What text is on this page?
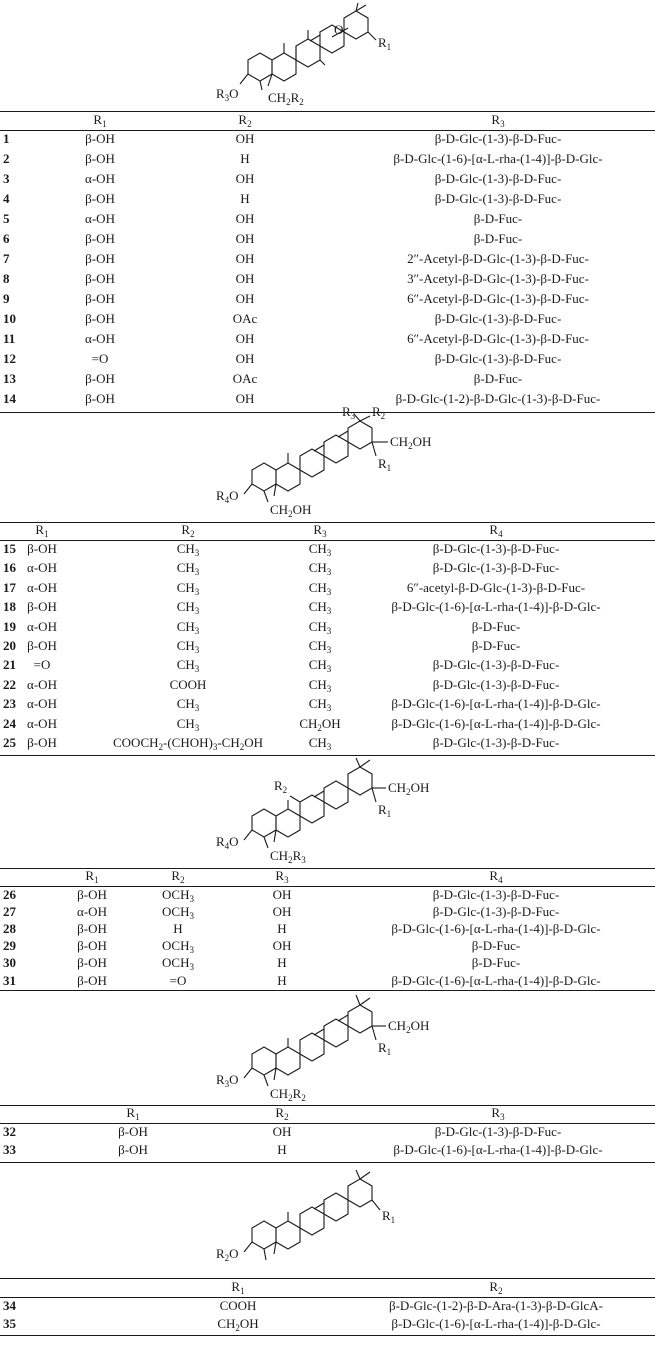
O
$R_1$
$R_3O$ $CH_2R_2$
$R_1$	$R_2$	$R_3$
1	β-OH	OH	β-D-Glc-(1-3)-β-D-Fuc-
2	β-OH	H	β-D-Glc-(1-6)-[α-L-rha-(1-4)]-β-D-Glc-
3	α-OH	OH	β-D-Glc-(1-3)-β-D-Fuc-
4	β-OH	H	β-D-Glc-(1-3)-β-D-Fuc-
5	α-OH	OH	β-D-Fuc-
6	β-OH	OH	β-D-Fuc-
7	β-OH	OH	2″-Acetyl-β-D-Glc-(1-3)-β-D-Fuc-
8	β-OH	OH	3″-Acetyl-β-D-Glc-(1-3)-β-D-Fuc-
9	β-OH	OH	6″-Acetyl-β-D-Glc-(1-3)-β-D-Fuc-
10	β-OH	OAc	β-D-Glc-(1-3)-β-D-Fuc-
11	α-OH	OH	6″-Acetyl-β-D-Glc-(1-3)-β-D-Fuc-
12	=O	OH	β-D-Glc-(1-3)-β-D-Fuc-
13	β-OH	OAc	β-D-Fuc-
14	β-OH	OH	β-D-Glc-(1-2)-β-D-Glc-(1-3)-β-D-Fuc-
$R_3$ $R_2$
$CH_2OH$
$R_1$
$R_4O$
$CH_2OH$
$R_1$	$R_2$	$R_3$	$R_4$
15 β-OH	$CH_3$	$CH_3$	β-D-Glc-(1-3)-β-D-Fuc-
16 α-OH	$CH_3$	$CH_3$	β-D-Glc-(1-3)-β-D-Fuc-
17 α-OH	$CH_3$	$CH_3$	6″-acetyl-β-D-Glc-(1-3)-β-D-Fuc-
18 β-OH	$CH_3$	$CH_3$	β-D-Glc-(1-6)-[α-L-rha-(1-4)]-β-D-Glc-
19 α-OH	$CH_3$	$CH_3$	β-D-Fuc-
20 β-OH	$CH_3$	$CH_3$	β-D-Fuc-
21 =O	$CH_3$	$CH_3$	β-D-Glc-(1-3)-β-D-Fuc-
22 α-OH	COOH	$CH_3$	β-D-Glc-(1-3)-β-D-Fuc-
23 α-OH	$CH_3$	$CH_3$	β-D-Glc-(1-6)-[α-L-rha-(1-4)]-β-D-Glc-
24 α-OH	$CH_3$	$CH_2OH$	β-D-Glc-(1-6)-[α-L-rha-(1-4)]-β-D-Glc-
25 β-OH	$COOCH_2-(CHOH)_3-CH_2OH$	$CH_3$	β-D-Glc-(1-3)-β-D-Fuc-
$R_2$	$CH_2OH$
$R_1$
$R_4O$
$CH_2R_3$
$R_1$	$R_2$	$R_3$	$R_4$
26	β-OH	$OCH_3$	OH	β-D-Glc-(1-3)-β-D-Fuc-
27	α-OH	$OCH_3$	OH	β-D-Glc-(1-3)-β-D-Fuc-
28	β-OH	H	H	β-D-Glc-(1-6)-[α-L-rha-(1-4)]-β-D-Glc-
29	β-OH	$OCH_3$	OH	β-D-Fuc-
30	β-OH	$OCH_3$	H	β-D-Fuc-
31	β-OH	=O	H	β-D-Glc-(1-6)-[α-L-rha-(1-4)]-β-D-Glc-
$CH_2OH$
$R_1$
$R_3O$
$CH_2R_2$
$R_1$	$R_2$	$R_3$
32	β-OH	OH	β-D-Glc-(1-3)-β-D-Fuc-
33	β-OH	H	β-D-Glc-(1-6)-[α-L-rha-(1-4)]-β-D-Glc-
$R_1$
$R_2O$
$R_1$	$R_2$
34	COOH	β-D-Glc-(1-2)-β-D-Ara-(1-3)-β-D-GlcA-
35	$CH_2OH$	β-D-Glc-(1-6)-[α-L-rha-(1-4)]-β-D-Glc-
